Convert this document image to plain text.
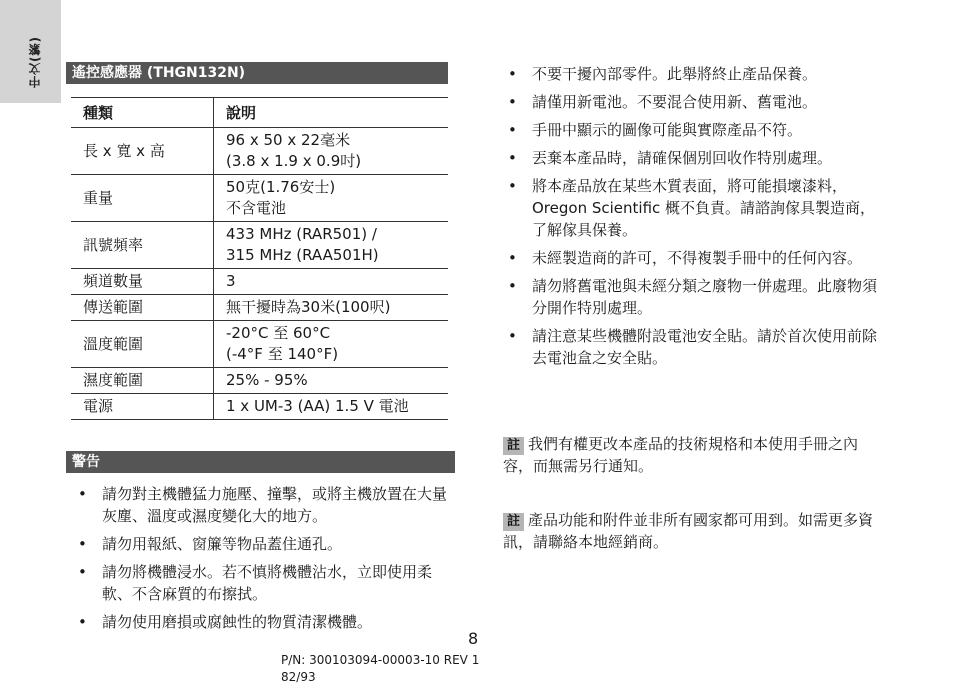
中文(繁)	遙控感應器 (THGN132N)
種類	說明
長 x 寬 x 高	96 x 50 x 22毫米
(3.8 x 1.9 x 0.9吋)

重量	50克(1.76安士)
不含電池

訊號頻率	433 MHz (RAR501) /
315 MHz (RAA501H)

頻道數量	3

傳送範圍	無干擾時為30米(100呎)

溫度範圍	-20°C 至 60°C
(-4°F 至 140°F)

濕度範圍	25% - 95%

電源	1 x UM-3 (AA) 1.5 V 電池
警告
• 請勿對主機體猛力施壓、撞擊，或將主機放置在大量灰塵、溫度或濕度變化大的地方。
• 請勿用報紙、窗簾等物品蓋住通孔。
• 請勿將機體浸水。若不慎將機體沾水，立即使用柔軟、不含麻質的布擦拭。
• 請勿使用磨損或腐蝕性的物質清潔機體。
• 不要干擾內部零件。此舉將終止產品保養。
• 請僅用新電池。不要混合使用新、舊電池。
• 手冊中顯示的圖像可能與實際產品不符。
• 丟棄本產品時，請確保個別回收作特別處理。
• 將本產品放在某些木質表面，將可能損壞漆料，Oregon Scientific 概不負責。請諮詢傢具製造商，了解傢具保養。
• 未經製造商的許可，不得複製手冊中的任何內容。
• 請勿將舊電池與未經分類之廢物一併處理。此廢物須分開作特別處理。
• 請注意某些機體附設電池安全貼。請於首次使用前除去電池盒之安全貼。
註 我們有權更改本產品的技術規格和本使用手冊之內容，而無需另行通知。
註 產品功能和附件並非所有國家都可用到。如需更多資訊，請聯絡本地經銷商。
8
P/N: 300103094-00003-10 REV 1
82/93
